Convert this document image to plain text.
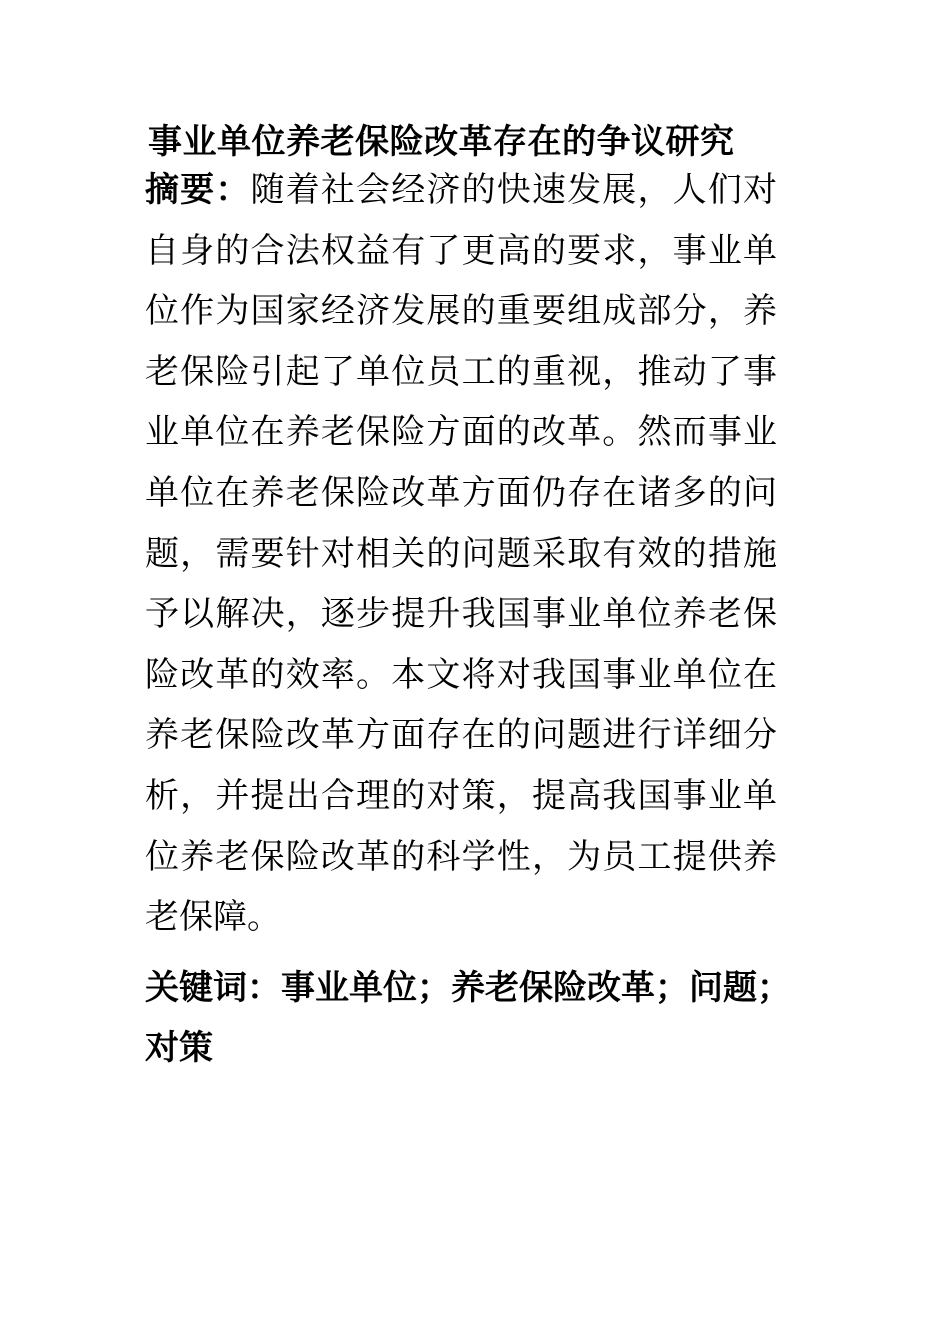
事业单位养老保险改革存在的争议研究
摘要：随着社会经济的快速发展，人们对自身的合法权益有了更高的要求，事业单位作为国家经济发展的重要组成部分，养老保险引起了单位员工的重视，推动了事业单位在养老保险方面的改革。然而事业单位在养老保险改革方面仍存在诸多的问题，需要针对相关的问题采取有效的措施予以解决，逐步提升我国事业单位养老保险改革的效率。本文将对我国事业单位在养老保险改革方面存在的问题进行详细分析，并提出合理的对策，提高我国事业单位养老保险改革的科学性，为员工提供养老保障。
关键词：事业单位；养老保险改革；问题；对策
